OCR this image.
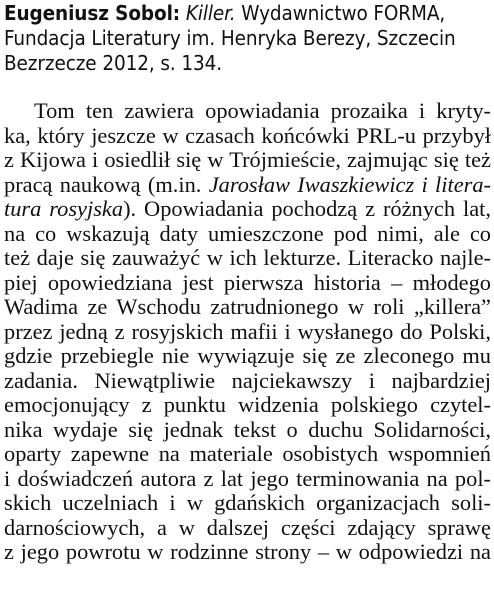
Eugeniusz Sobol: Killer. Wydawnictwo FORMA,
Fundacja Literatury im. Henryka Berezy, Szczecin
Bezrzecze 2012, s. 134.
Tom ten zawiera opowiadania prozaika i kryty-
ka, który jeszcze w czasach końcówki PRL-u przybył
z Kijowa i osiedlił się w Trójmieście, zajmując się też
pracą naukową (m.in. Jarosław Iwaszkiewicz i litera-
tura rosyjska). Opowiadania pochodzą z różnych lat,
na co wskazują daty umieszczone pod nimi, ale co
też daje się zauważyć w ich lekturze. Literacko najle-
piej opowiedziana jest pierwsza historia – młodego
Wadima ze Wschodu zatrudnionego w roli „killera”
przez jedną z rosyjskich mafii i wysłanego do Polski,
gdzie przebiegle nie wywiązuje się ze zleconego mu
zadania. Niewątpliwie najciekawszy i najbardziej
emocjonujący z punktu widzenia polskiego czytel-
nika wydaje się jednak tekst o duchu Solidarności,
oparty zapewne na materiale osobistych wspomnień
i doświadczeń autora z lat jego terminowania na pol-
skich uczelniach i w gdańskich organizacjach soli-
darnościowych, a w dalszej części zdający sprawę
z jego powrotu w rodzinne strony – w odpowiedzi na
